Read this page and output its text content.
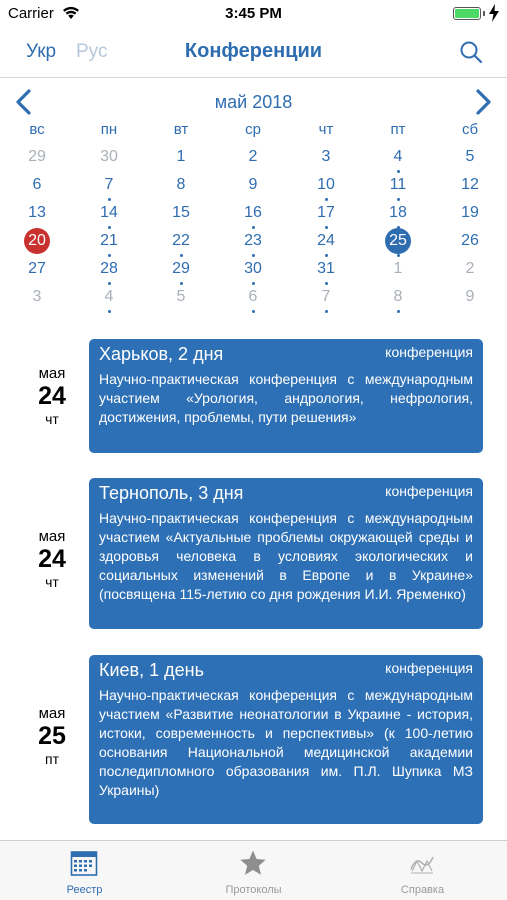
Carrier	3:45 PM
Укр Рус	Конференции
май 2018
вс	пн	вт	ср	чт	пт	сб
29	30	1	2	3	4	5
6	7	8	9	10	11	12
13	14	15	16	17	18	19
20	21	22	23	24	25	26
27	28	29	30	31	1	2
3	4	5	6	7	8	9
мая
24
чт
Харьков, 2 дня	конференция
Научно-практическая конференция с международным участием «Урология, андрология, нефрология, достижения, проблемы, пути решения»
мая
24
чт
Тернополь, 3 дня	конференция
Научно-практическая конференция с международным участием «Актуальные проблемы окружающей среды и здоровья человека в условиях экологических и социальных изменений в Европе и в Украине» (посвящена 115-летию со дня рождения И.И. Яременко)
мая
25
пт
Киев, 1 день	конференция
Научно-практическая конференция с международным участием «Развитие неонатологии в Украине - история, истоки, современность и перспективы» (к 100-летию основания Национальной медицинской академии последипломного образования им. П.Л. Шупика МЗ Украины)
Реестр	Протоколы	Справка
